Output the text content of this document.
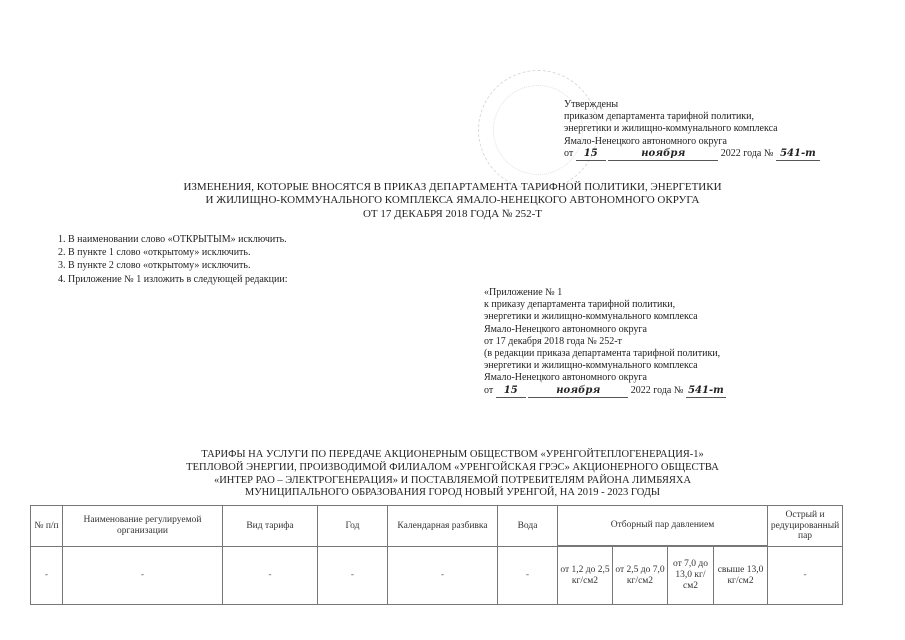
Утверждены
приказом департамента тарифной политики,
энергетики и жилищно-коммунального комплекса
Ямало-Ненецкого автономного округа
от 15	ноября	2022 года № 541-т
ИЗМЕНЕНИЯ, КОТОРЫЕ ВНОСЯТСЯ В ПРИКАЗ ДЕПАРТАМЕНТА ТАРИФНОЙ ПОЛИТИКИ, ЭНЕРГЕТИКИ
И ЖИЛИЩНО-КОММУНАЛЬНОГО КОМПЛЕКСА ЯМАЛО-НЕНЕЦКОГО АВТОНОМНОГО ОКРУГА
ОТ 17 ДЕКАБРЯ 2018 ГОДА № 252-Т
1. В наименовании слово «ОТКРЫТЫМ» исключить.
2. В пункте 1 слово «открытому» исключить.
3. В пункте 2 слово «открытому» исключить.
4. Приложение № 1 изложить в следующей редакции:
«Приложение № 1
к приказу департамента тарифной политики,
энергетики и жилищно-коммунального комплекса
Ямало-Ненецкого автономного округа
от 17 декабря 2018 года № 252-т
(в редакции приказа департамента тарифной политики,
энергетики и жилищно-коммунального комплекса
Ямало-Ненецкого автономного округа
от 15	ноября	2022 года № 541-т
ТАРИФЫ НА УСЛУГИ ПО ПЕРЕДАЧЕ АКЦИОНЕРНЫМ ОБЩЕСТВОМ «УРЕНГОЙТЕПЛОГЕНЕРАЦИЯ-1»
ТЕПЛОВОЙ ЭНЕРГИИ, ПРОИЗВОДИМОЙ ФИЛИАЛОМ «УРЕНГОЙСКАЯ ГРЭС» АКЦИОНЕРНОГО ОБЩЕСТВА
«ИНТЕР РАО – ЭЛЕКТРОГЕНЕРАЦИЯ» И ПОСТАВЛЯЕМОЙ ПОТРЕБИТЕЛЯМ РАЙОНА ЛИМБЯЯХА
МУНИЦИПАЛЬНОГО ОБРАЗОВАНИЯ ГОРОД НОВЫЙ УРЕНГОЙ, НА 2019 - 2023 ГОДЫ
№ п/п	Наименование регулируемой организации	Вид тарифа	Год	Календарная разбивка	Вода	Отборный пар давлением				Острый и редуцированный пар

-	-	-	-	-	-	от 1,2 до 2,5 кг/см2	от 2,5 до 7,0 кг/см2	от 7,0 до 13,0 кг/см2	свыше 13,0 кг/см2	-
